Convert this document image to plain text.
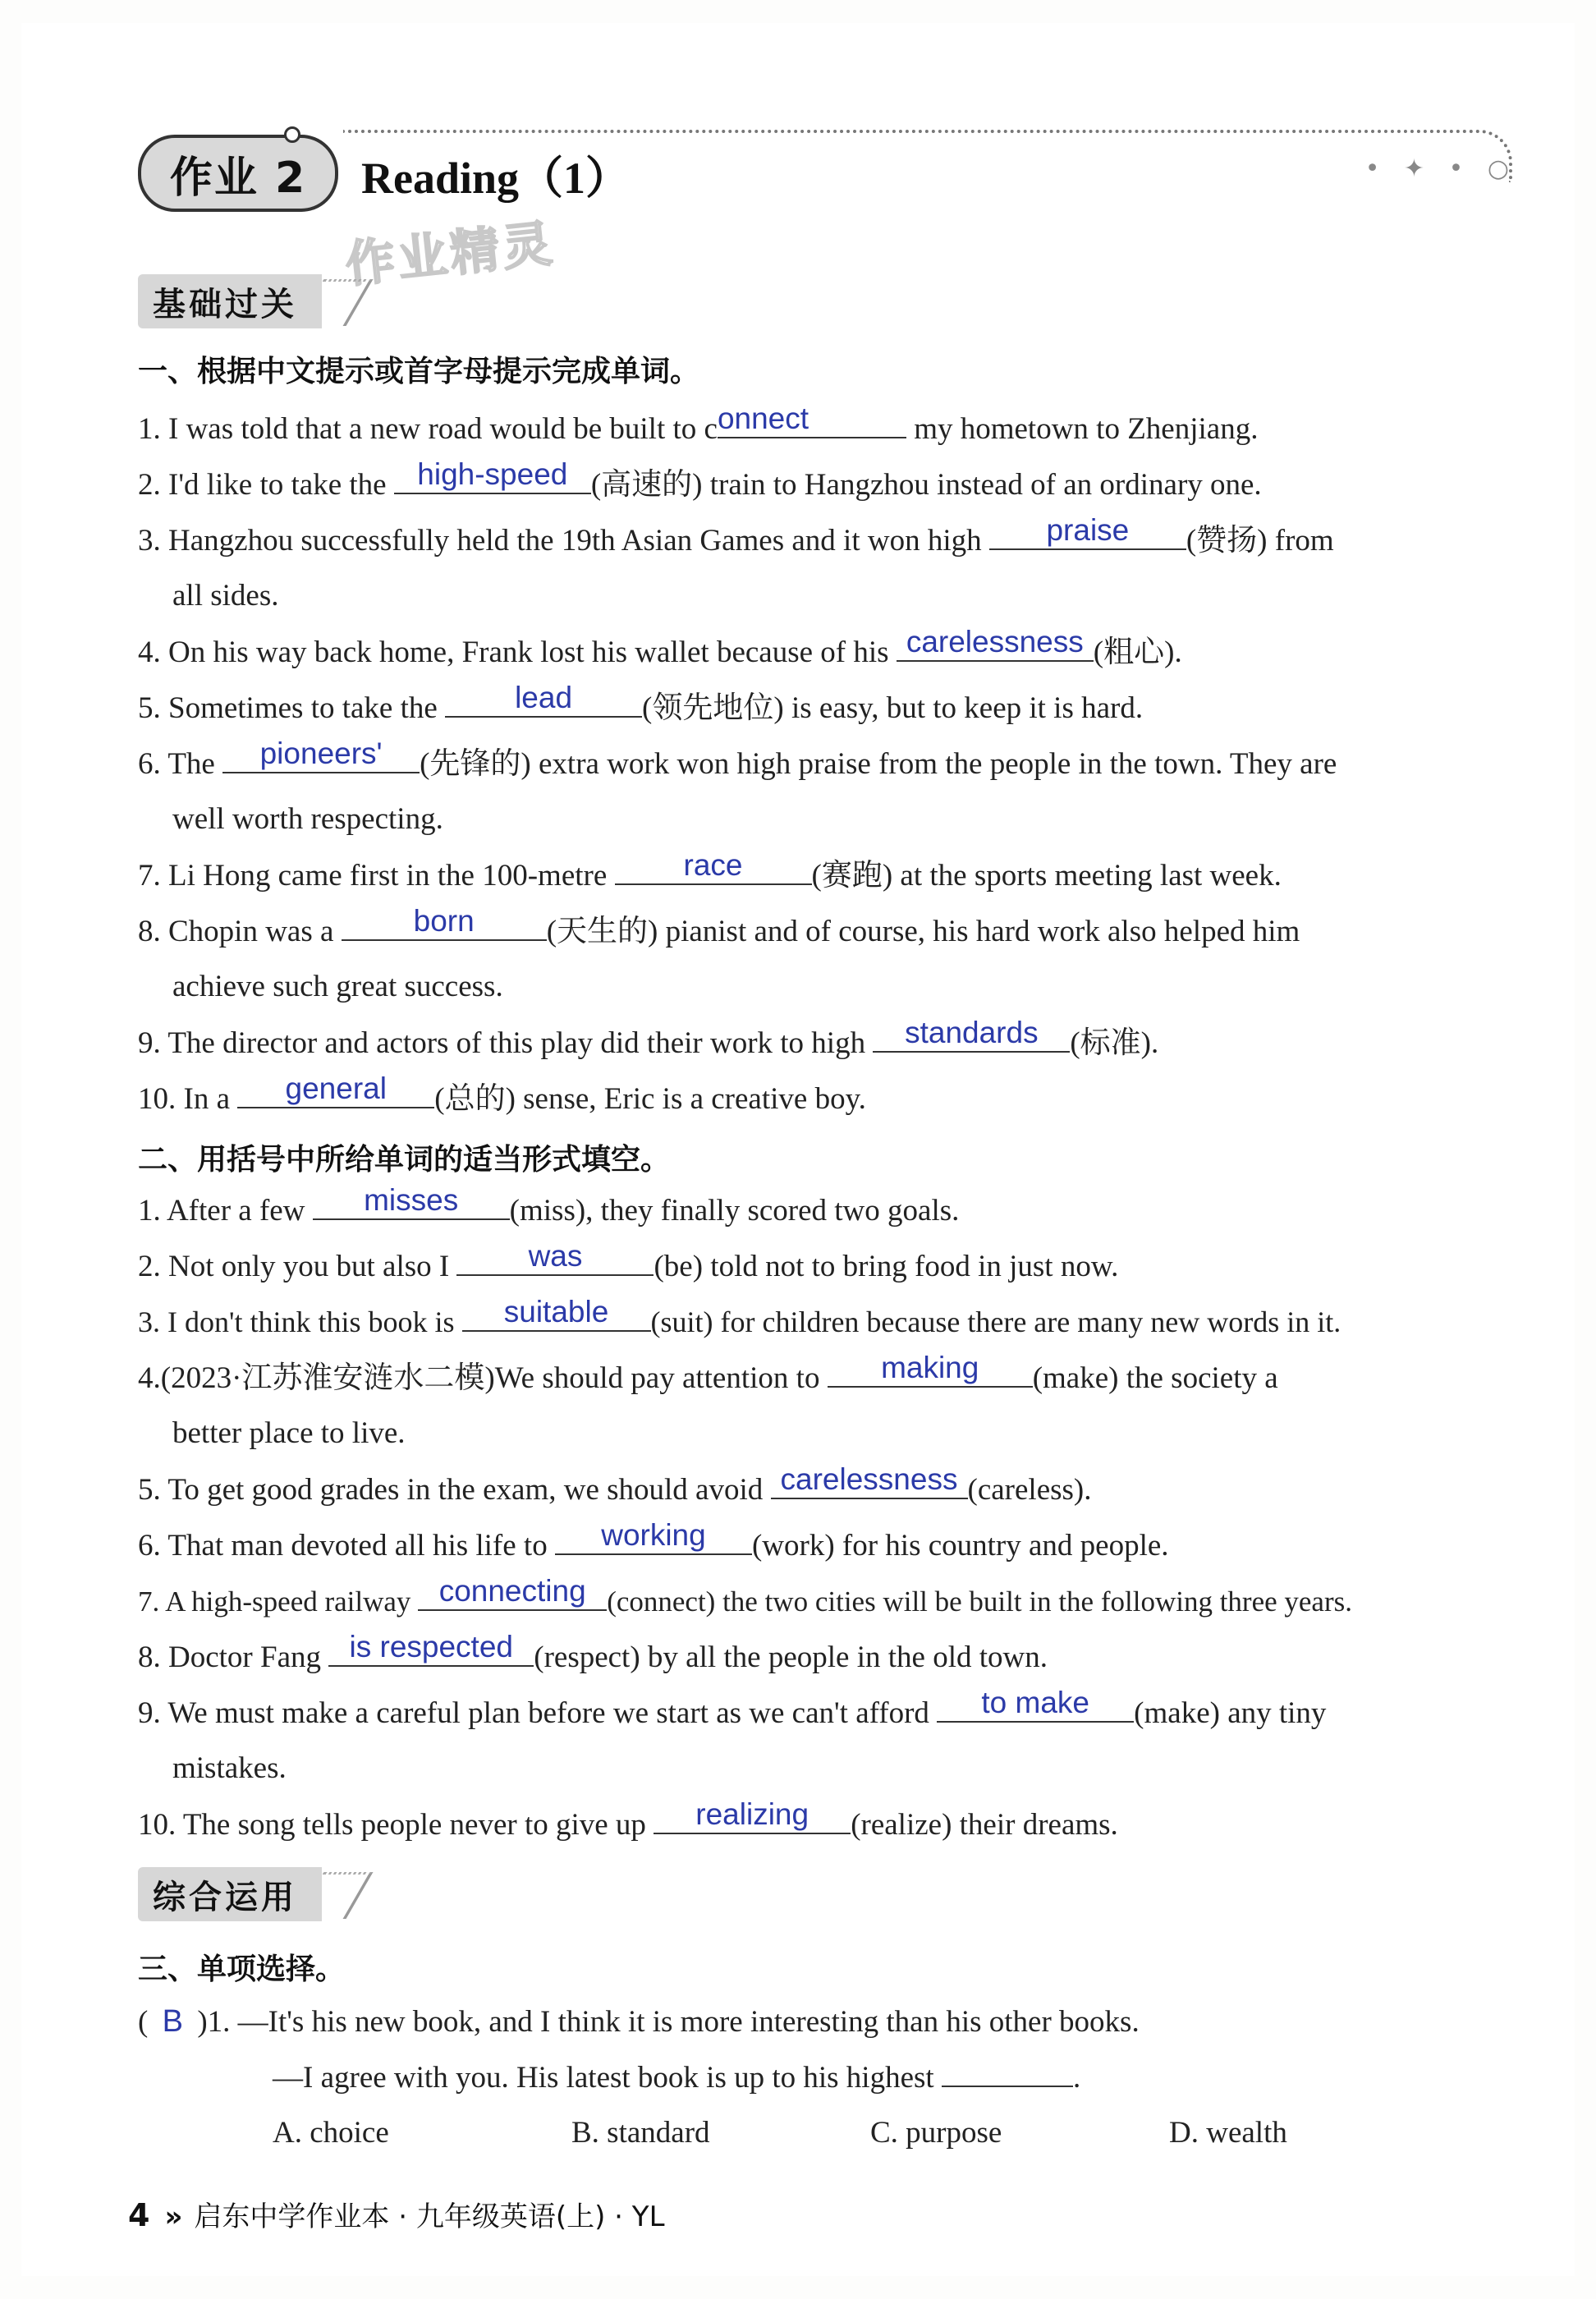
作业 2	Reading（1）	• ✦ • ○
作业精灵
基础过关
一、根据中文提示或首字母提示完成单词。
1. I was told that a new road would be built to c onnect	my hometown to Zhenjiang.
2. I'd like to take the high-speed (高速的) train to Hangzhou instead of an ordinary one.
3. Hangzhou successfully held the 19th Asian Games and it won high	praise	(赞扬) from
all sides.
4. On his way back home, Frank lost his wallet because of his carelessness (粗心).
5. Sometimes to take the	lead	(领先地位) is easy, but to keep it is hard.
6. The	pioneers'	(先锋的) extra work won high praise from the people in the town. They are
well worth respecting.
7. Li Hong came first in the 100-metre	race	(赛跑) at the sports meeting last week.
8. Chopin was a	born	(天生的) pianist and of course, his hard work also helped him
achieve such great success.
9. The director and actors of this play did their work to high	standards	(标准).
10. In a	general	(总的) sense, Eric is a creative boy.
二、用括号中所给单词的适当形式填空。
1. After a few	misses	(miss), they finally scored two goals.
2. Not only you but also I	was	(be) told not to bring food in just now.
3. I don't think this book is	suitable	(suit) for children because there are many new words in it.
4.(2023·江苏淮安涟水二模)We should pay attention to	making	(make) the society a
better place to live.
5. To get good grades in the exam, we should avoid carelessness (careless).
6. That man devoted all his life to	working	(work) for his country and people.
7. A high-speed railway connecting (connect) the two cities will be built in the following three years.
8. Doctor Fang is respected (respect) by all the people in the old town.
9. We must make a careful plan before we start as we can't afford	to make	(make) any tiny
mistakes.
10. The song tells people never to give up	realizing	(realize) their dreams.
综合运用
三、单项选择。
( B )1. —It's his new book, and I think it is more interesting than his other books.
—I agree with you. His latest book is up to his highest	.
A. choice	B. standard	C. purpose	D. wealth
4 » 启东中学作业本 · 九年级英语(上) · YL
